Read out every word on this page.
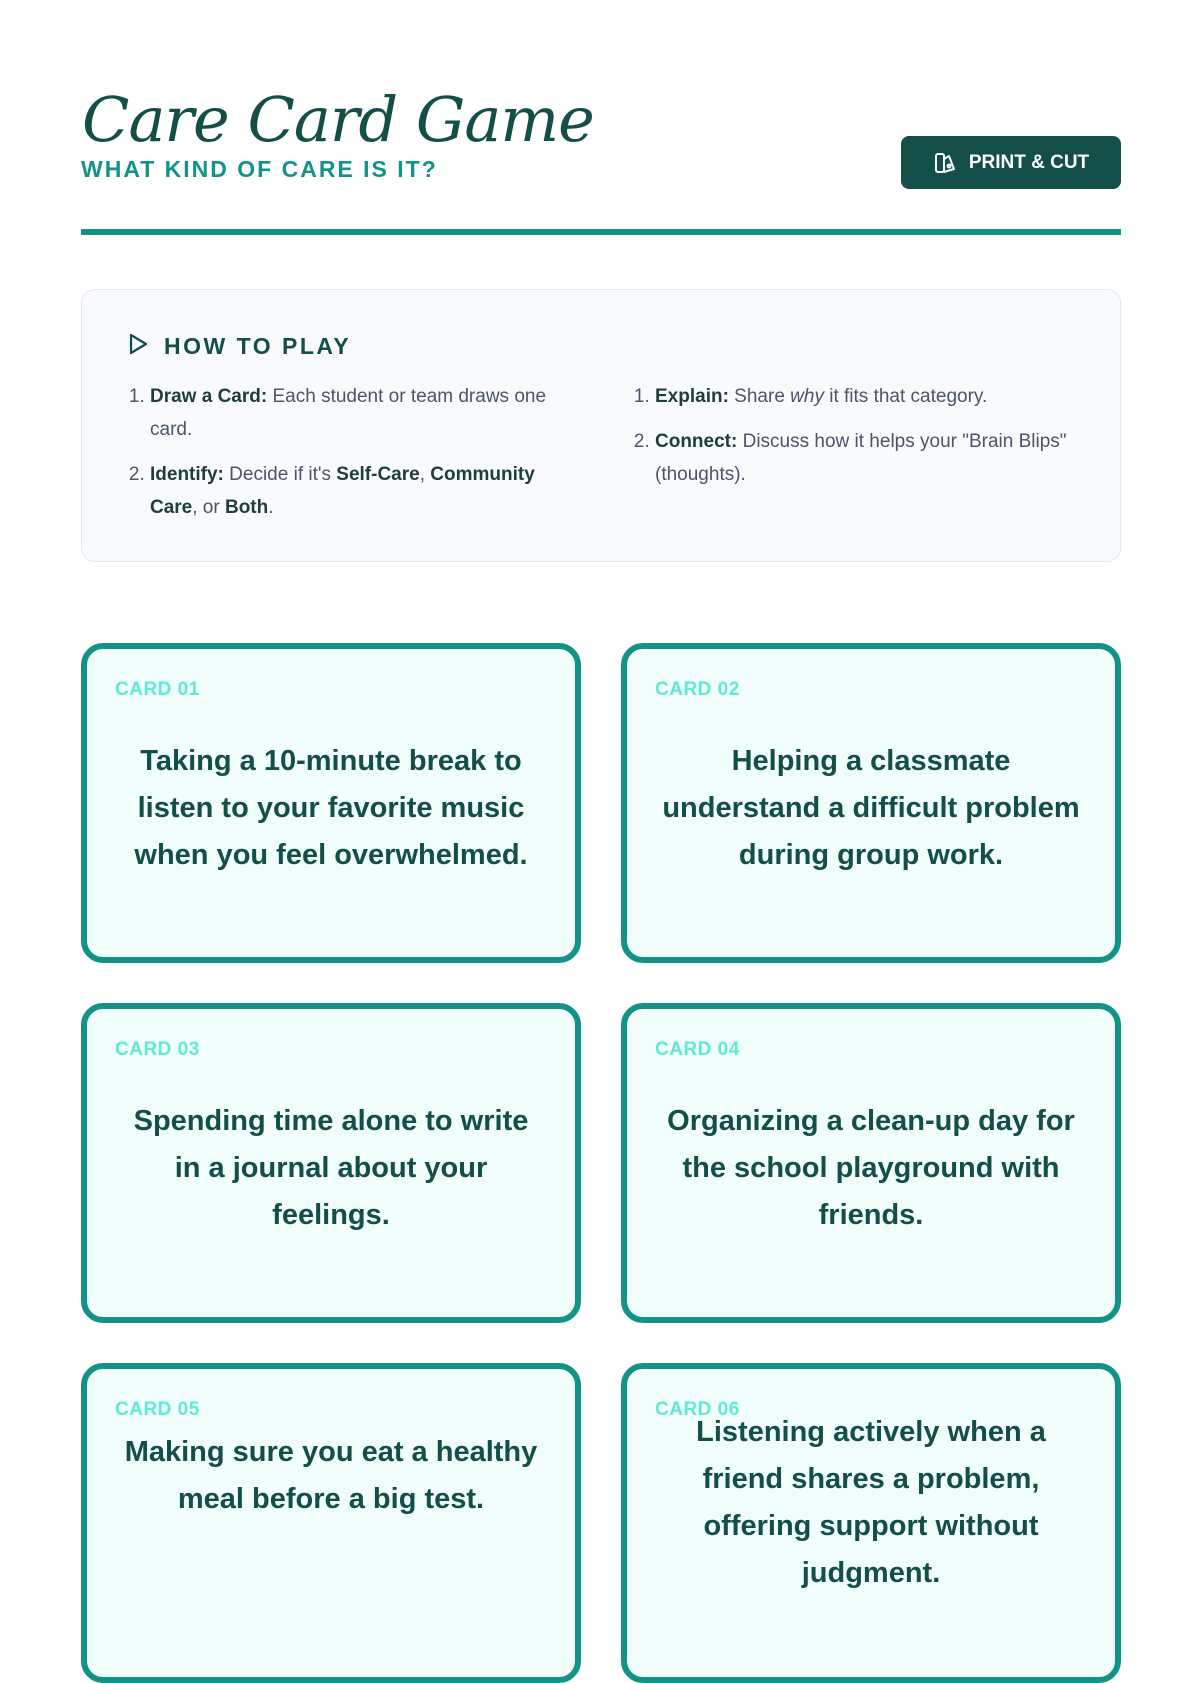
Care Card Game
WHAT KIND OF CARE IS IT?	PRINT & CUT
HOW TO PLAY
1. Draw a Card: Each student or team draws one card.
2. Identify: Decide if it's Self-Care, Community Care, or Both.
1. Explain: Share why it fits that category.
2. Connect: Discuss how it helps your "Brain Blips" (thoughts).
CARD 01
Taking a 10-minute break to listen to your favorite music when you feel overwhelmed.
CARD 02
Helping a classmate understand a difficult problem during group work.
CARD 03
Spending time alone to write in a journal about your feelings.
CARD 04
Organizing a clean-up day for the school playground with friends.
CARD 05
Making sure you eat a healthy meal before a big test.
CARD 06
Listening actively when a friend shares a problem, offering support without judgment.
